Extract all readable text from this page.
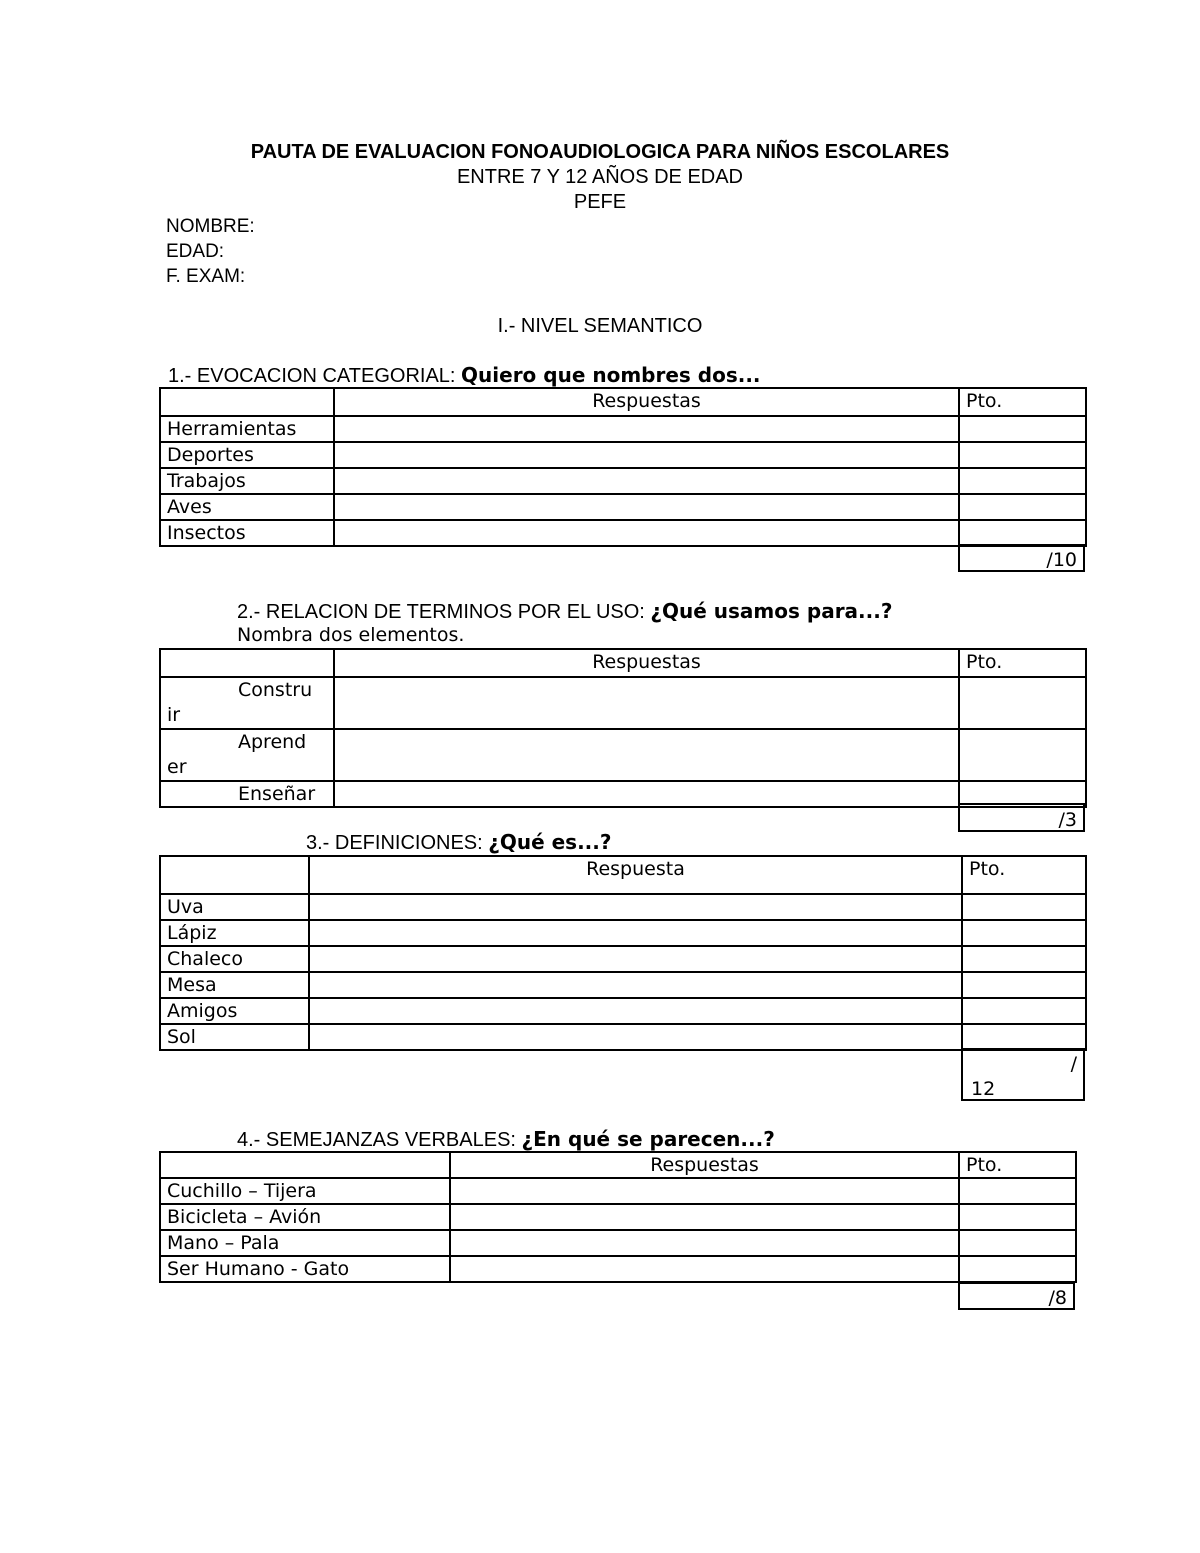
PAUTA DE EVALUACION FONOAUDIOLOGICA PARA NIÑOS ESCOLARES
ENTRE 7 Y 12 AÑOS DE EDAD
PEFE
NOMBRE:
EDAD:
F. EXAM:
I.- NIVEL SEMANTICO
1.- EVOCACION CATEGORIAL: Quiero que nombres dos...
	Respuestas	Pto.
Herramientas		
Deportes		
Trabajos		
Aves		
Insectos		
/10
2.- RELACION DE TERMINOS POR EL USO: ¿Qué usamos para...?
Nombra dos elementos.
	Respuestas	Pto.

Constru
ir		

Aprend
er		

Enseñar		

/3
3.- DEFINICIONES: ¿Qué es...?
	Respuesta	Pto.
Uva		
Lápiz		
Chaleco		
Mesa		
Amigos		
Sol		
/
12
4.- SEMEJANZAS VERBALES: ¿En qué se parecen...?
	Respuestas	Pto.
Cuchillo – Tijera		
Bicicleta – Avión		
Mano – Pala		
Ser Humano - Gato		
/8
